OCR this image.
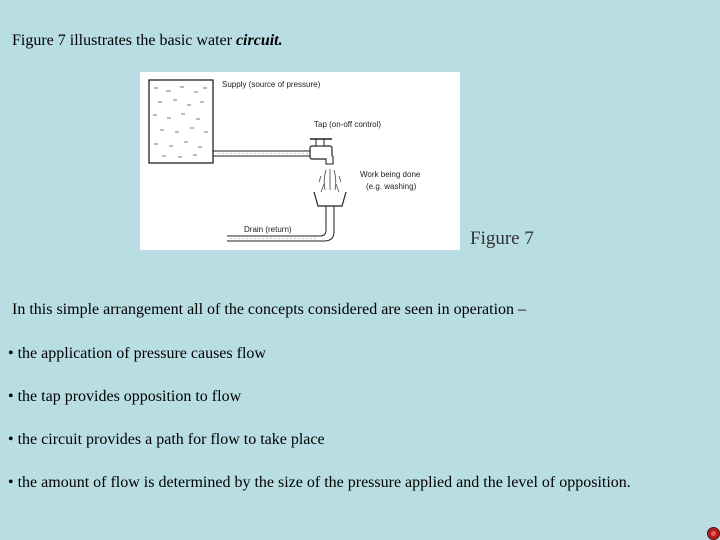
Figure 7 illustrates the basic water circuit.

Supply (source of pressure)
Tap (on-off control)
Work being done
(e.g. washing)
Drain (return)	Figure 7

In this simple arrangement all of the concepts considered are seen in operation –

• the application of pressure causes flow
• the tap provides opposition to flow
• the circuit provides a path for flow to take place
• the amount of flow is determined by the size of the pressure applied and the level of opposition.
